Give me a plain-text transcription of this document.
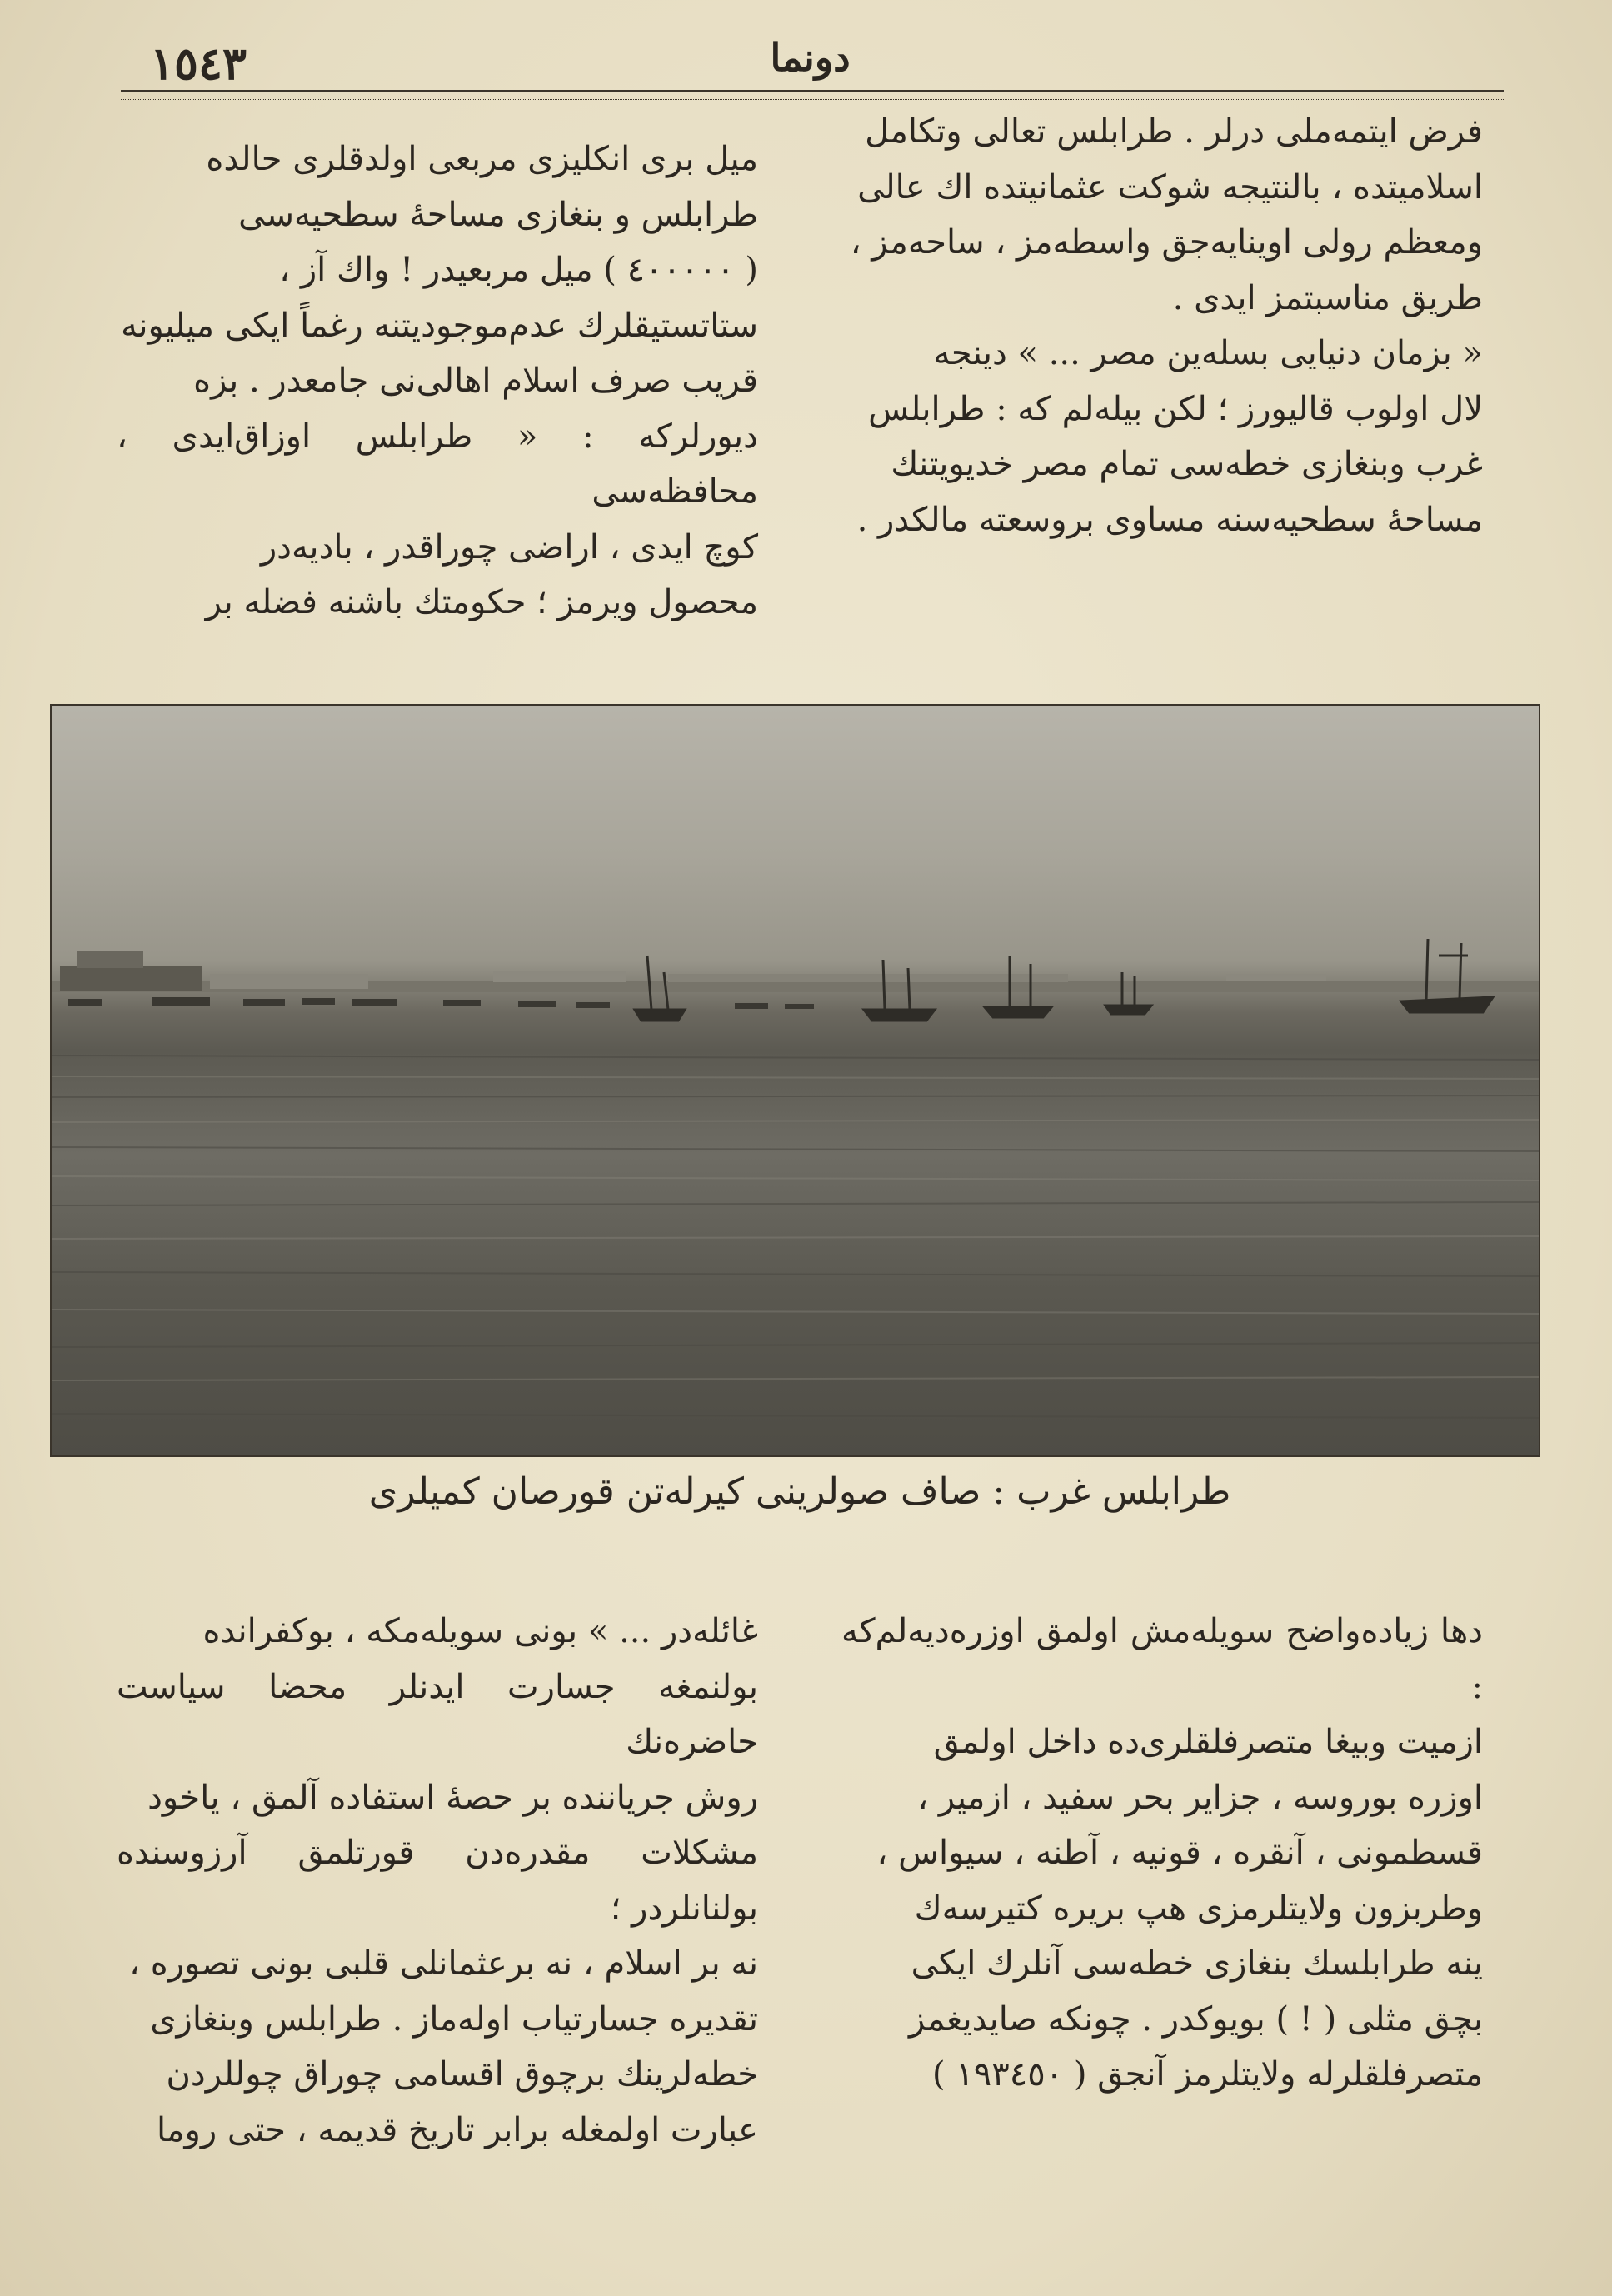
١٥٤٣	دونما

فرض ایتمه‌ملی درلر . طرابلس تعالی وتکامل

اسلامیتده ، بالنتیجه شوکت عثمانیتده اك عالی

ومعظم رولی اوینایه‌جق واسطه‌مز ، ساحه‌مز ،

طریق مناسبتمز ایدی .

« بزمان دنیایی بسله‌ین مصر ... » دینجه

لال اولوب قالیورز ؛ لکن بیله‌لم که : طرابلس

غرب وبنغازی خطه‌سی تمام مصر خدیویتنك

مساحهٔ سطحیه‌سنه مساوی بروسعته مالکدر .

میل بری انکلیزی مربعی اولدقلری حالده

طرابلس و بنغازی مساحهٔ سطحیه‌سی

( ٤٠٠٠٠٠ ) میل مربعیدر ! واك آز ،

ستاتستیقلرك عدم‌موجودیتنه رغماً ایکی میلیونه

قریب صرف اسلام اهالی‌نی جامعدر . بزه

دیورلرکه : « طرابلس اوزاق‌ایدی ، محافظه‌سی

کوچ ایدی ، اراضی چوراقدر ، بادیه‌در

محصول ویرمز ؛ حکومتك باشنه فضله بر

طرابلس غرب : صاف صولرینی کیرله‌تن قورصان کمیلری

دها زیاده‌واضح سویله‌مش اولمق اوزره‌دیه‌لم‌که :

ازمیت وبیغا متصرفلقلری‌ده داخل اولمق

اوزره بوروسه ، جزایر بحر سفید ، ازمیر ،

قسطمونی ، آنقره ، قونیه ، آطنه ، سیواس ،

وطربزون ولایتلرمزی هپ بریره کتیرسه‌ك

ینه طرابلسك بنغازی خطه‌سی آنلرك ایکی

بچق مثلی ( ! ) بویوکدر . چونکه صایدیغمز

متصرفلقلرله ولایتلرمز آنجق ( ١٩٣٤٥٠ )

غائله‌در ... » بونی سویله‌مکه ، بوکفرانده

بولنمغه جسارت ایدنلر محضا سیاست حاضره‌نك

روش جریاننده بر حصهٔ استفاده آلمق ، یاخود

مشکلات مقدره‌دن قورتلمق آرزوسنده بولنانلردر ؛

نه بر اسلام ، نه برعثمانلی قلبی بونی تصوره ،

تقدیره جسارتیاب اوله‌ماز . طرابلس وبنغازی

خطه‌لرینك برچوق اقسامی چوراق چوللردن

عبارت اولمغله برابر تاریخ قدیمه ، حتی روما
